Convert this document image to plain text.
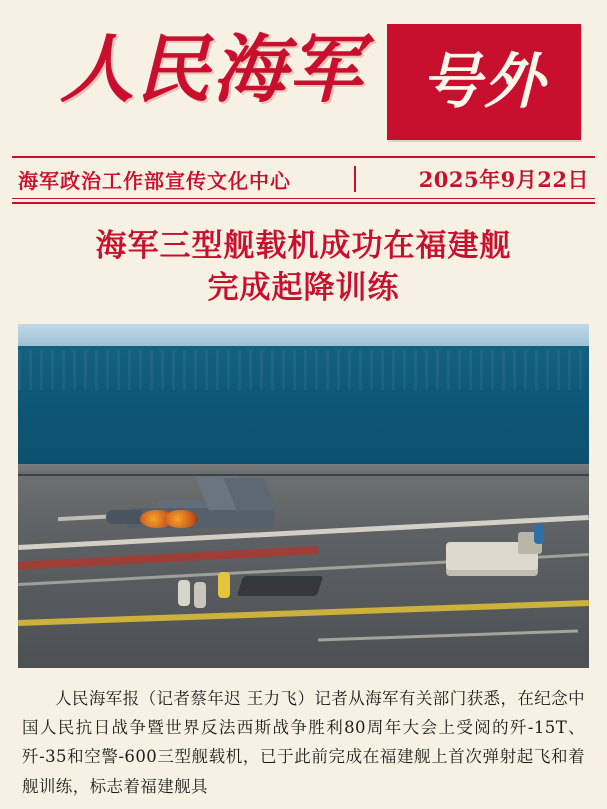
人民海军 号外
海军政治工作部宣传文化中心	2025年9月22日
海军三型舰载机成功在福建舰
完成起降训练
人民海军报（记者蔡年迟 王力飞）记者从海军有关部门获悉，在纪念中国人民抗日战争暨世界反法西斯战争胜利80周年大会上受阅的歼-15T、歼-35和空警-600三型舰载机，已于此前完成在福建舰上首次弹射起飞和着舰训练，标志着福建舰具
